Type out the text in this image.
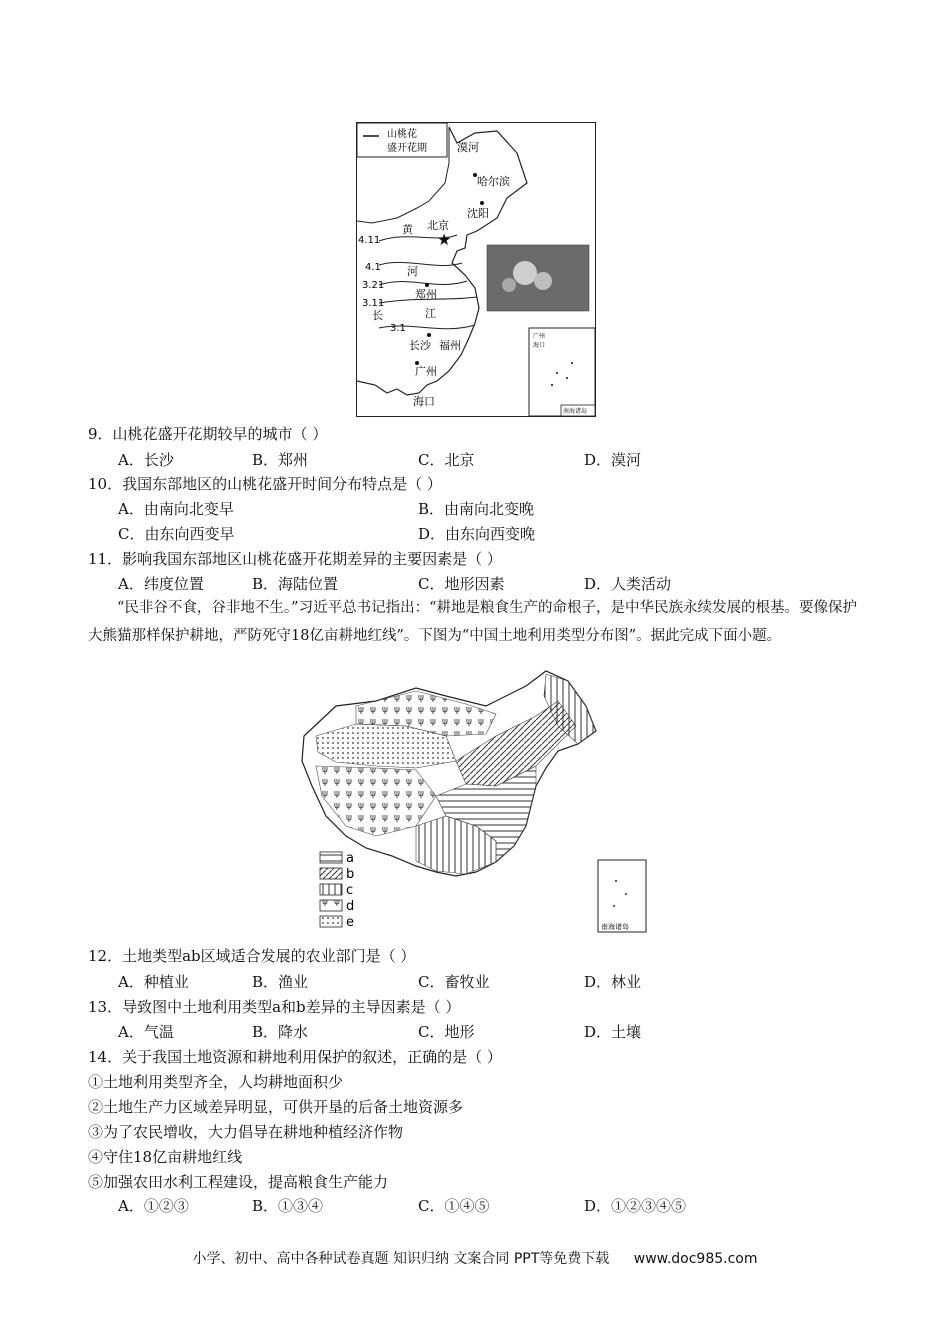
山桃花
盛开花期
4.11
4.1
3.21
3.11
3.1
黄
河
长	江
漠河
哈尔滨
沈阳
★
北京
郑州
长沙 福州
广州
海口
广州
海口
南海诸岛
9．山桃花盛开花期较早的城市（ ）
A．长沙	B．郑州	C．北京	D．漠河
10．我国东部地区的山桃花盛开时间分布特点是（ ）
A．由南向北变早	B．由南向北变晚
C．由东向西变早	D．由东向西变晚
11．影响我国东部地区山桃花盛开花期差异的主要因素是（ ）
A．纬度位置	B．海陆位置	C．地形因素	D．人类活动

“民非谷不食，谷非地不生。”习近平总书记指出：“耕地是粮食生产的命根子，是中华民族永续发展的根基。要像保护大熊猫那样保护耕地，严防死守18亿亩耕地红线”。下图为“中国土地利用类型分布图”。据此完成下面小题。

a
b
c
d
e	南海诸岛
12．土地类型ab区域适合发展的农业部门是（ ）
A．种植业	B．渔业	C．畜牧业	D．林业
13．导致图中土地利用类型a和b差异的主导因素是（ ）
A．气温	B．降水	C．地形	D．土壤
14．关于我国土地资源和耕地利用保护的叙述，正确的是（ ）
①土地利用类型齐全，人均耕地面积少
②土地生产力区域差异明显，可供开垦的后备土地资源多
③为了农民增收，大力倡导在耕地种植经济作物
④守住18亿亩耕地红线
⑤加强农田水利工程建设，提高粮食生产能力
A．①②③	B．①③④	C．①④⑤	D．①②③④⑤
小学、初中、高中各种试卷真题 知识归纳 文案合同 PPT等免费下载 www.doc985.com
